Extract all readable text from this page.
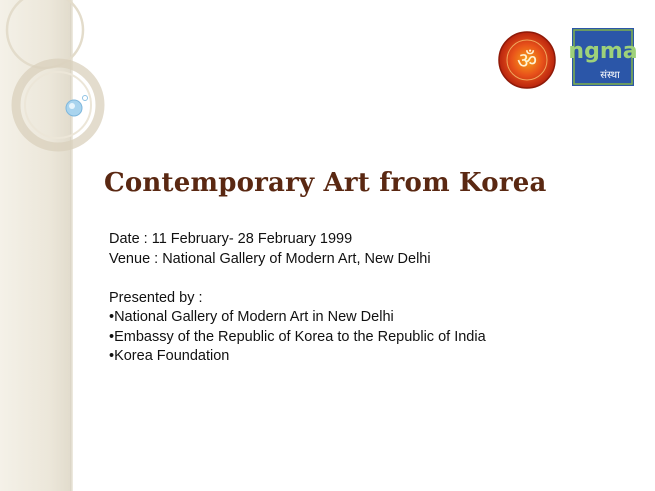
ॐ ngma
संस्था
Contemporary Art from Korea

Date : 11 February- 28 February 1999

Venue : National Gallery of Modern Art, New Delhi

Presented by :

•National Gallery of Modern Art in New Delhi

•Embassy of the Republic of Korea to the Republic of India

•Korea Foundation
